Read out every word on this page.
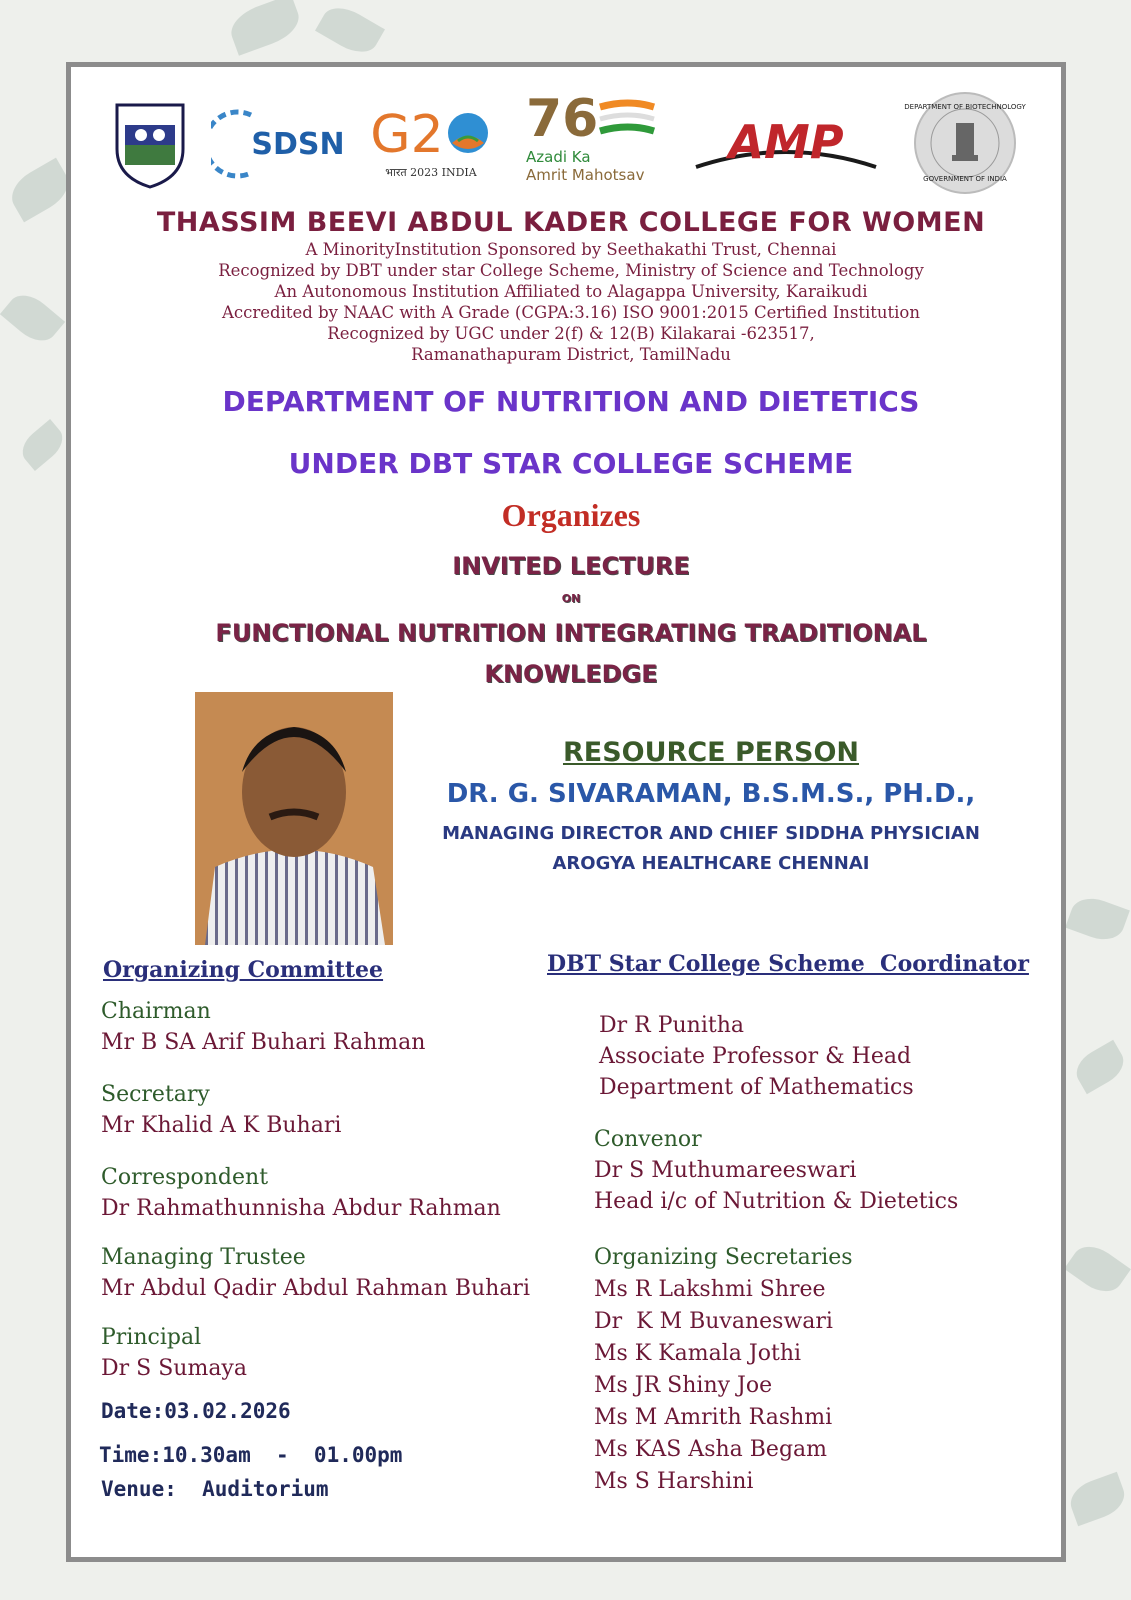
SDSN G2
भारत 2023 INDIA
76
Azadi Ka
Amrit Mahotsav
AMP
DEPARTMENT OF BIOTECHNOLOGY
GOVERNMENT OF INDIA
THASSIM BEEVI ABDUL KADER COLLEGE FOR WOMEN
A MinorityInstitution Sponsored by Seethakathi Trust, Chennai
Recognized by DBT under star College Scheme, Ministry of Science and Technology
An Autonomous Institution Affiliated to Alagappa University, Karaikudi
Accredited by NAAC with A Grade (CGPA:3.16) ISO 9001:2015 Certified Institution
Recognized by UGC under 2(f) & 12(B) Kilakarai -623517,
Ramanathapuram District, TamilNadu
DEPARTMENT OF NUTRITION AND DIETETICS
UNDER DBT STAR COLLEGE SCHEME
Organizes
INVITED LECTURE
ON
FUNCTIONAL NUTRITION INTEGRATING TRADITIONAL
KNOWLEDGE
RESOURCE PERSON
DR. G. SIVARAMAN, B.S.M.S., PH.D.,
MANAGING DIRECTOR AND CHIEF SIDDHA PHYSICIAN
AROGYA HEALTHCARE CHENNAI
Organizing Committee
Chairman
Mr B SA Arif Buhari Rahman
Secretary
Mr Khalid A K Buhari
Correspondent
Dr Rahmathunnisha Abdur Rahman
Managing Trustee
Mr Abdul Qadir Abdul Rahman Buhari
Principal
Dr S Sumaya
Date:03.02.2026
Time:10.30am  -  01.00pm
Venue:  Auditorium
DBT Star College Scheme  Coordinator
Dr R Punitha
Associate Professor & Head
Department of Mathematics
Convenor
Dr S Muthumareeswari
Head i/c of Nutrition & Dietetics
Organizing Secretaries
Ms R Lakshmi Shree
Dr  K M Buvaneswari
Ms K Kamala Jothi
Ms JR Shiny Joe
Ms M Amrith Rashmi
Ms KAS Asha Begam
Ms S Harshini
